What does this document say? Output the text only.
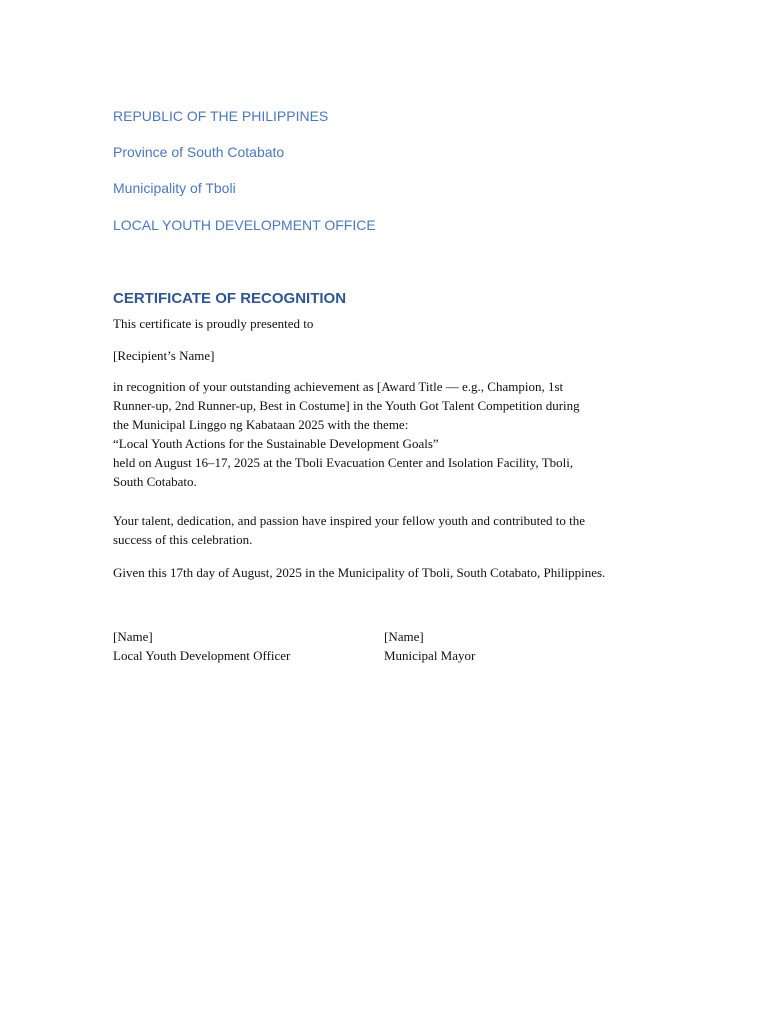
REPUBLIC OF THE PHILIPPINES
Province of South Cotabato
Municipality of Tboli
LOCAL YOUTH DEVELOPMENT OFFICE
CERTIFICATE OF RECOGNITION
This certificate is proudly presented to
[Recipient’s Name]
in recognition of your outstanding achievement as [Award Title — e.g., Champion, 1st
Runner-up, 2nd Runner-up, Best in Costume] in the Youth Got Talent Competition during
the Municipal Linggo ng Kabataan 2025 with the theme:
“Local Youth Actions for the Sustainable Development Goals”
held on August 16–17, 2025 at the Tboli Evacuation Center and Isolation Facility, Tboli,
South Cotabato.
Your talent, dedication, and passion have inspired your fellow youth and contributed to the
success of this celebration.
Given this 17th day of August, 2025 in the Municipality of Tboli, South Cotabato, Philippines.
[Name]
Local Youth Development Officer
[Name]
Municipal Mayor
